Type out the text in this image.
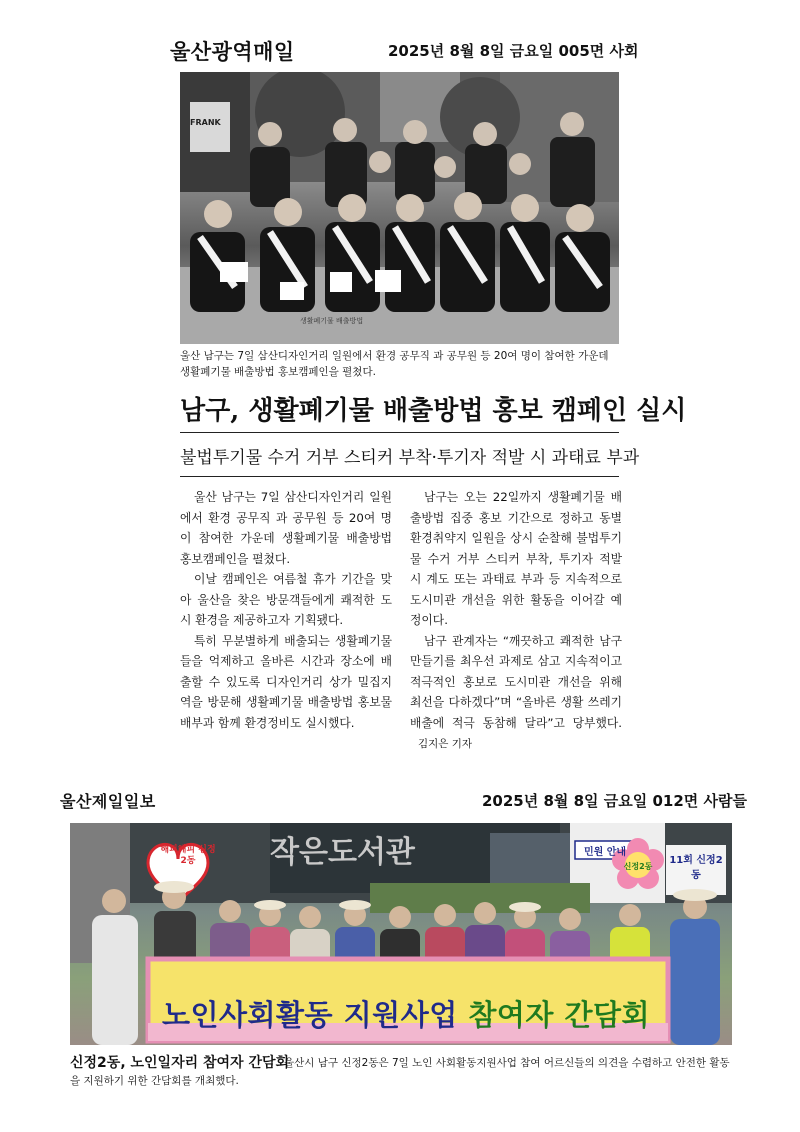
울산광역매일	2025년 8월 8일 금요일 005면 사회
울산 남구는 7일 삼산디자인거리 일원에서 환경 공무직 과 공무원 등 20여 명이 참여한 가운데 생활폐기물 배출방법 홍보캠페인을 펼쳤다.
남구, 생활폐기물 배출방법 홍보 캠페인 실시
불법투기물 수거 거부 스티커 부착·투기자 적발 시 과태료 부과

울산 남구는 7일 삼산디자인거리 일원에서 환경 공무직 과 공무원 등 20여 명이 참여한 가운데 생활폐기물 배출방법 홍보캠페인을 펼쳤다.

이날 캠페인은 여름철 휴가 기간을 맞아 울산을 찾은 방문객들에게 쾌적한 도시 환경을 제공하고자 기획됐다.

특히 무분별하게 배출되는 생활폐기물들을 억제하고 올바른 시간과 장소에 배출할 수 있도록 디자인거리 상가 밀집지역을 방문해 생활폐기물 배출방법 홍보물 배부과 함께 환경정비도 실시했다.

남구는 오는 22일까지 생활폐기물 배출방법 집중 홍보 기간으로 정하고 동별 환경취약지 일원을 상시 순찰해 불법투기물 수거 거부 스티커 부착, 투기자 적발 시 계도 또는 과태료 부과 등 지속적으로 도시미관 개선을 위한 활동을 이어갈 예정이다.

남구 관계자는 “깨끗하고 쾌적한 남구 만들기를 최우선 과제로 삼고 지속적이고 적극적인 홍보로 도시미관 개선을 위해 최선을 다하겠다”며 “올바른 생활 쓰레기 배출에 적극 동참해 달라”고 당부했다.김지은 기자

울산제일일보	2025년 8월 8일 금요일 012면 사람들
해피해피 신정2동	작은도서관	민원 안내
11회 신정2동
신정2동
노인사회활동 지원사업 참여자 간담회
신정2동, 노인일자리 참여자 간담회
울산시 남구 신정2동은 7일 노인 사회활동지원사업 참여 어르신들의 의견을 수렴하고 안전한 활동을 지원하기 위한 간담회를 개최했다.
FRANK
생활폐기물 배출방법
